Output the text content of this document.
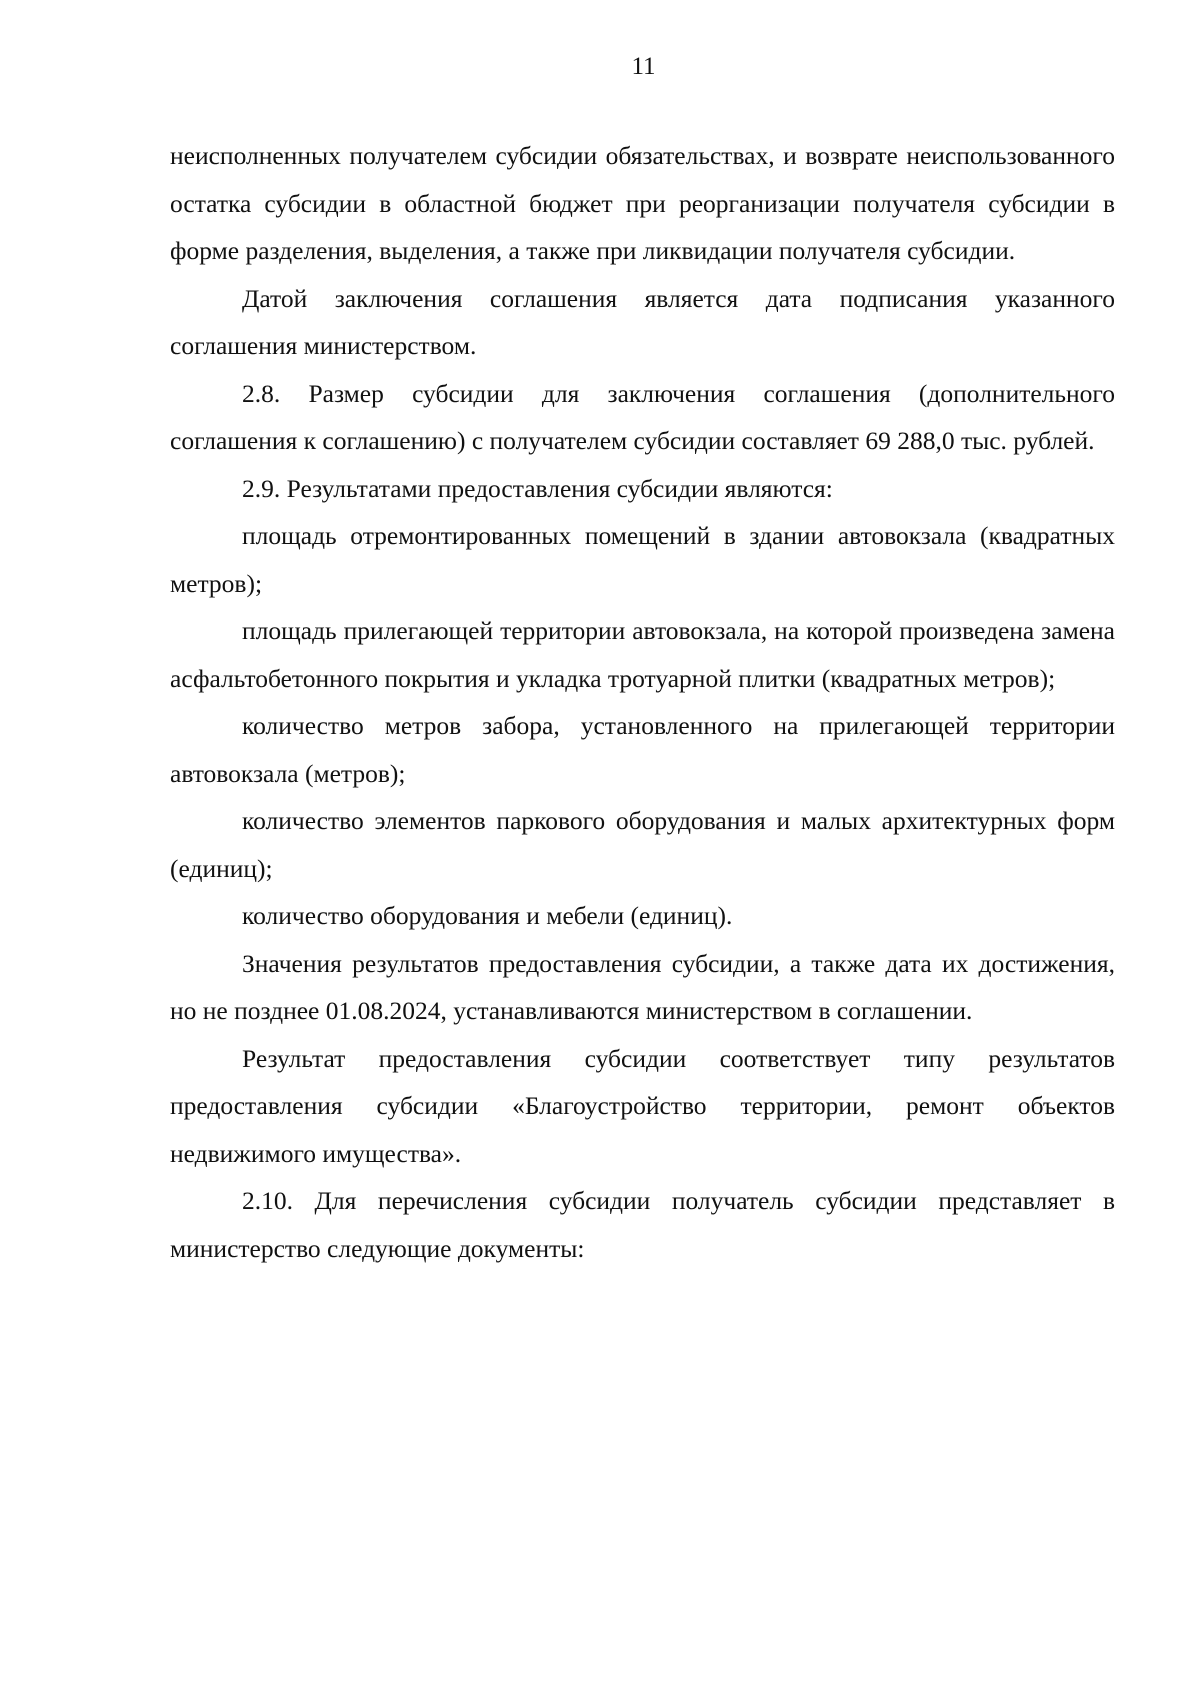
11

неисполненных получателем субсидии обязательствах, и возврате неиспользованного остатка субсидии в областной бюджет при реорганизации получателя субсидии в форме разделения, выделения, а также при ликвидации получателя субсидии.

Датой заключения соглашения является дата подписания указанного соглашения министерством.

2.8. Размер субсидии для заключения соглашения (дополнительного соглашения к соглашению) с получателем субсидии составляет 69 288,0 тыс. рублей.

2.9. Результатами предоставления субсидии являются:

площадь отремонтированных помещений в здании автовокзала (квадратных метров);

площадь прилегающей территории автовокзала, на которой произведена замена асфальтобетонного покрытия и укладка тротуарной плитки (квадратных метров);

количество метров забора, установленного на прилегающей территории автовокзала (метров);

количество элементов паркового оборудования и малых архитектурных форм (единиц);

количество оборудования и мебели (единиц).

Значения результатов предоставления субсидии, а также дата их достижения, но не позднее 01.08.2024, устанавливаются министерством в соглашении.

Результат предоставления субсидии соответствует типу результатов предоставления субсидии «Благоустройство территории, ремонт объектов недвижимого имущества».

2.10. Для перечисления субсидии получатель субсидии представляет в министерство следующие документы:
